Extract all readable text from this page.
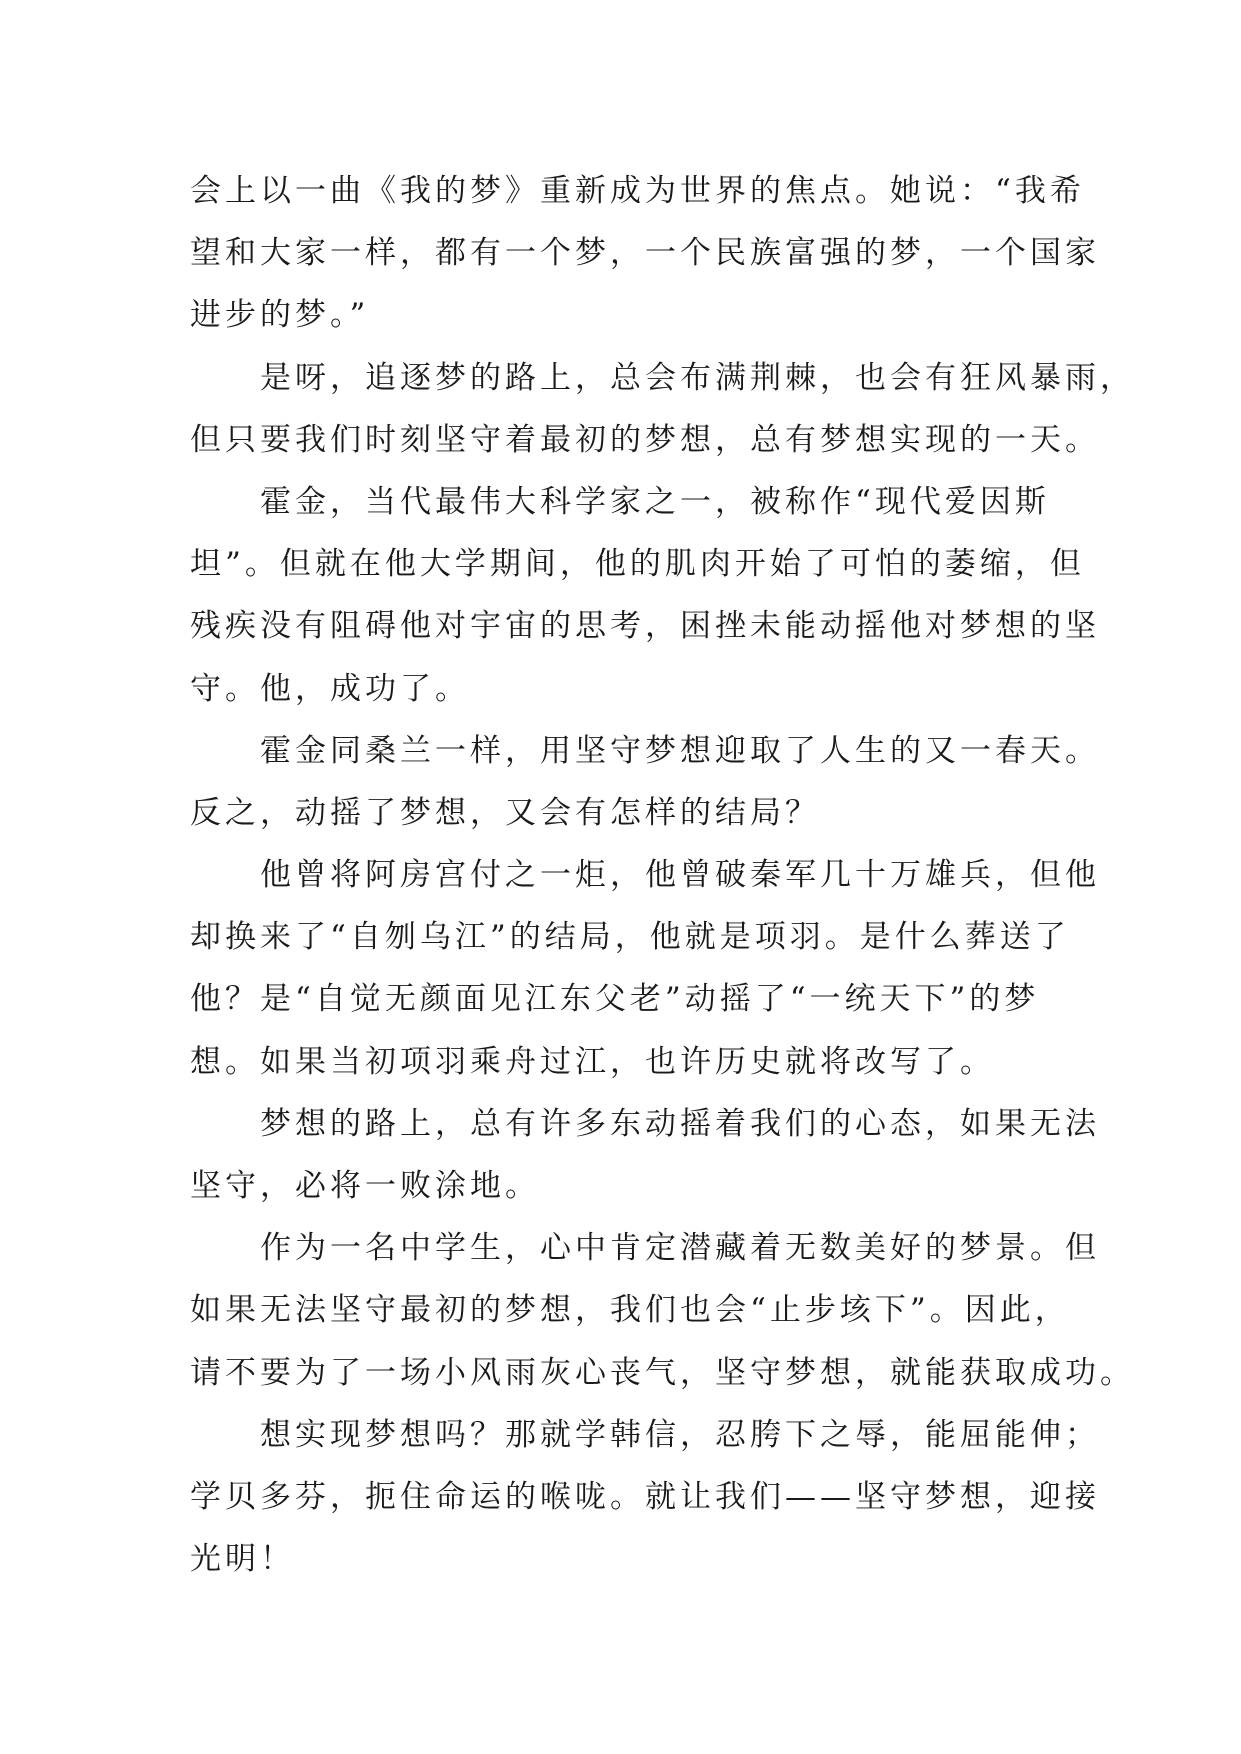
会上以一曲《我的梦》重新成为世界的焦点。她说：“我希
望和大家一样，都有一个梦，一个民族富强的梦，一个国家
进步的梦。”
是呀，追逐梦的路上，总会布满荆棘，也会有狂风暴雨，
但只要我们时刻坚守着最初的梦想，总有梦想实现的一天。
霍金，当代最伟大科学家之一，被称作“现代爱因斯
坦”。但就在他大学期间，他的肌肉开始了可怕的萎缩，但
残疾没有阻碍他对宇宙的思考，困挫未能动摇他对梦想的坚
守。他，成功了。
霍金同桑兰一样，用坚守梦想迎取了人生的又一春天。
反之，动摇了梦想，又会有怎样的结局？
他曾将阿房宫付之一炬，他曾破秦军几十万雄兵，但他
却换来了“自刎乌江”的结局，他就是项羽。是什么葬送了
他？是“自觉无颜面见江东父老”动摇了“一统天下”的梦
想。如果当初项羽乘舟过江，也许历史就将改写了。
梦想的路上，总有许多东动摇着我们的心态，如果无法
坚守，必将一败涂地。
作为一名中学生，心中肯定潜藏着无数美好的梦景。但
如果无法坚守最初的梦想，我们也会“止步垓下”。因此，
请不要为了一场小风雨灰心丧气，坚守梦想，就能获取成功。
想实现梦想吗？那就学韩信，忍胯下之辱，能屈能伸；
学贝多芬，扼住命运的喉咙。就让我们——坚守梦想，迎接
光明！
